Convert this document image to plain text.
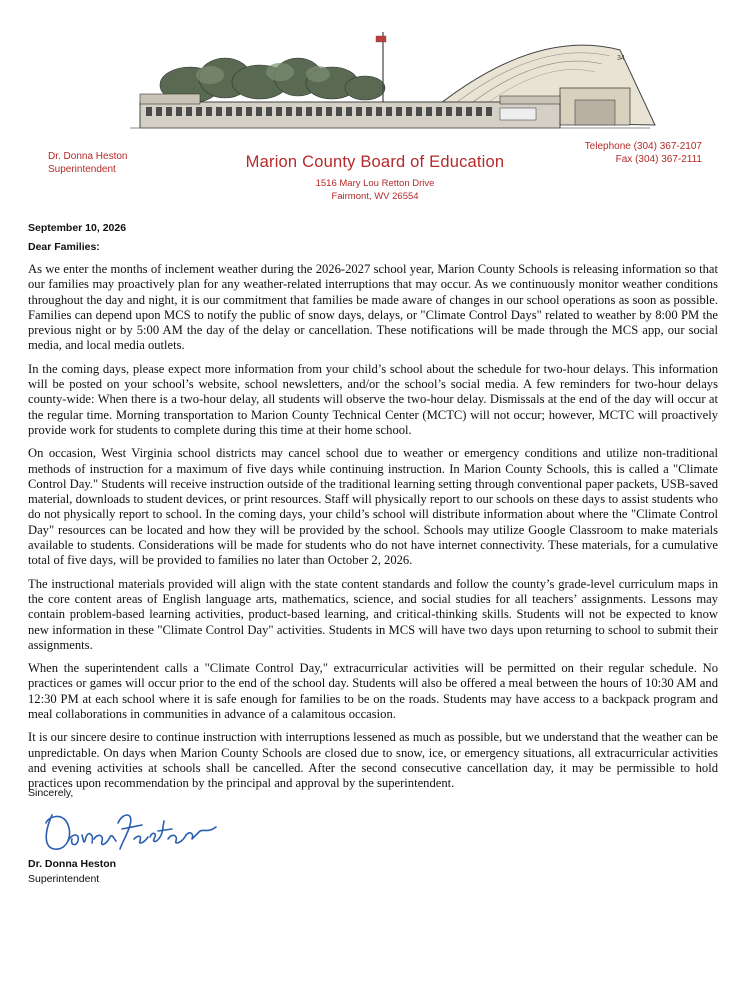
34
Dr. Donna Heston
Superintendent	Marion County Board of Education
1516 Mary Lou Retton Drive
Fairmont, WV 26554
Telephone (304) 367-2107
Fax (304) 367-2111
September 10, 2026
Dear Families:

As we enter the months of inclement weather during the 2026-2027 school year, Marion County Schools is releasing information so that our families may proactively plan for any weather-related interruptions that may occur. As we continuously monitor weather conditions throughout the day and night, it is our commitment that families be made aware of changes in our school operations as soon as possible. Families can depend upon MCS to notify the public of snow days, delays, or "Climate Control Days" related to weather by 8:00 PM the previous night or by 5:00 AM the day of the delay or cancellation. These notifications will be made through the MCS app, our social media, and local media outlets.

In the coming days, please expect more information from your child’s school about the schedule for two-hour delays. This information will be posted on your school’s website, school newsletters, and/or the school’s social media. A few reminders for two-hour delays county-wide: When there is a two-hour delay, all students will observe the two-hour delay. Dismissals at the end of the day will occur at the regular time. Morning transportation to Marion County Technical Center (MCTC) will not occur; however, MCTC will proactively provide work for students to complete during this time at their home school.

On occasion, West Virginia school districts may cancel school due to weather or emergency conditions and utilize non-traditional methods of instruction for a maximum of five days while continuing instruction. In Marion County Schools, this is called a "Climate Control Day." Students will receive instruction outside of the traditional learning setting through conventional paper packets, USB-saved material, downloads to student devices, or print resources. Staff will physically report to our schools on these days to assist students who do not physically report to school. In the coming days, your child’s school will distribute information about where the "Climate Control Day" resources can be located and how they will be provided by the school. Schools may utilize Google Classroom to make materials available to students. Considerations will be made for students who do not have internet connectivity. These materials, for a cumulative total of five days, will be provided to families no later than October 2, 2026.

The instructional materials provided will align with the state content standards and follow the county’s grade-level curriculum maps in the core content areas of English language arts, mathematics, science, and social studies for all teachers’ assignments. Lessons may contain problem-based learning activities, product-based learning, and critical-thinking skills. Students will not be expected to know new information in these "Climate Control Day" activities. Students in MCS will have two days upon returning to school to submit their assignments.

When the superintendent calls a "Climate Control Day," extracurricular activities will be permitted on their regular schedule. No practices or games will occur prior to the end of the school day. Students will also be offered a meal between the hours of 10:30 AM and 12:30 PM at each school where it is safe enough for families to be on the roads. Students may have access to a backpack program and meal collaborations in communities in advance of a calamitous occasion.

It is our sincere desire to continue instruction with interruptions lessened as much as possible, but we understand that the weather can be unpredictable. On days when Marion County Schools are closed due to snow, ice, or emergency situations, all extracurricular activities and evening activities at schools shall be cancelled. After the second consecutive cancellation day, it may be permissible to hold practices upon recommendation by the principal and approval by the superintendent.

Sincerely,
Dr. Donna Heston
Superintendent
